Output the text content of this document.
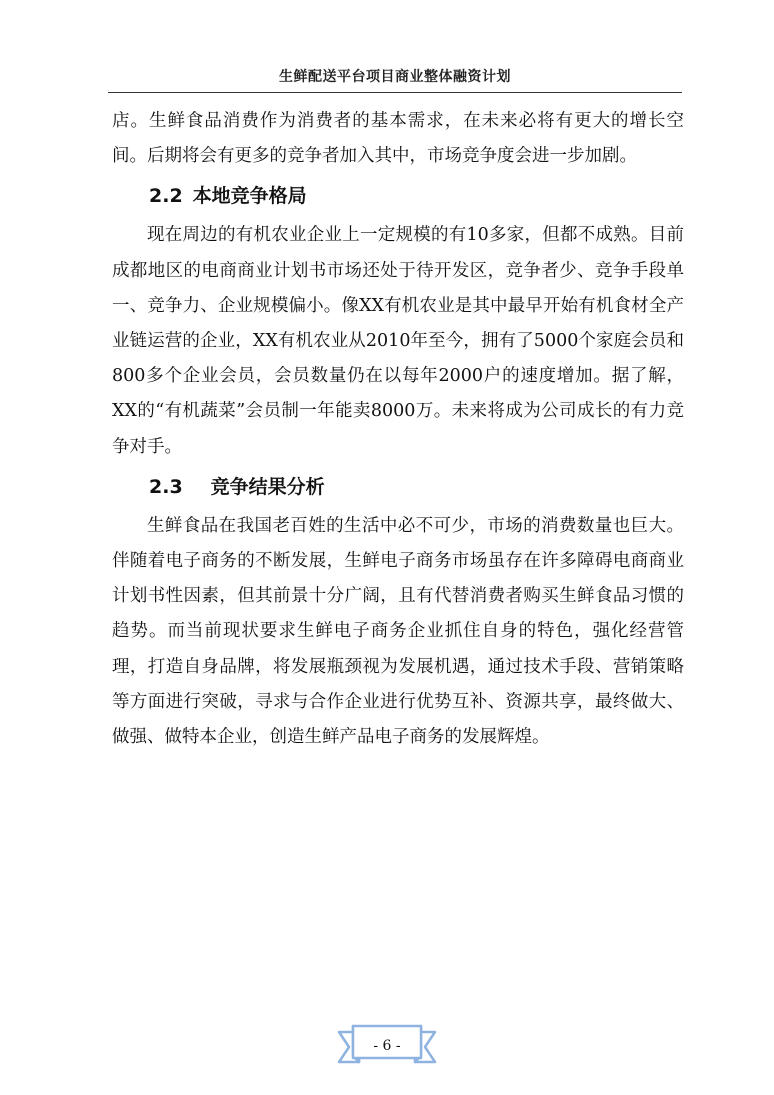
生鲜配送平台项目商业整体融资计划

店。生鲜食品消费作为消费者的基本需求，在未来必将有更大的增长空间。后期将会有更多的竞争者加入其中，市场竞争度会进一步加剧。

2.2 本地竞争格局

现在周边的有机农业企业上一定规模的有10多家，但都不成熟。目前成都地区的电商商业计划书市场还处于待开发区，竞争者少、竞争手段单一、竞争力、企业规模偏小。像XX有机农业是其中最早开始有机食材全产业链运营的企业，XX有机农业从2010年至今，拥有了5000个家庭会员和800多个企业会员，会员数量仍在以每年2000户的速度增加。据了解，XX的“有机蔬菜”会员制一年能卖8000万。未来将成为公司成长的有力竞争对手。

2.3 竞争结果分析

生鲜食品在我国老百姓的生活中必不可少，市场的消费数量也巨大。伴随着电子商务的不断发展，生鲜电子商务市场虽存在许多障碍电商商业计划书性因素，但其前景十分广阔，且有代替消费者购买生鲜食品习惯的趋势。而当前现状要求生鲜电子商务企业抓住自身的特色，强化经营管理，打造自身品牌，将发展瓶颈视为发展机遇，通过技术手段、营销策略等方面进行突破，寻求与合作企业进行优势互补、资源共享，最终做大、做强、做特本企业，创造生鲜产品电子商务的发展辉煌。

- 6 -
